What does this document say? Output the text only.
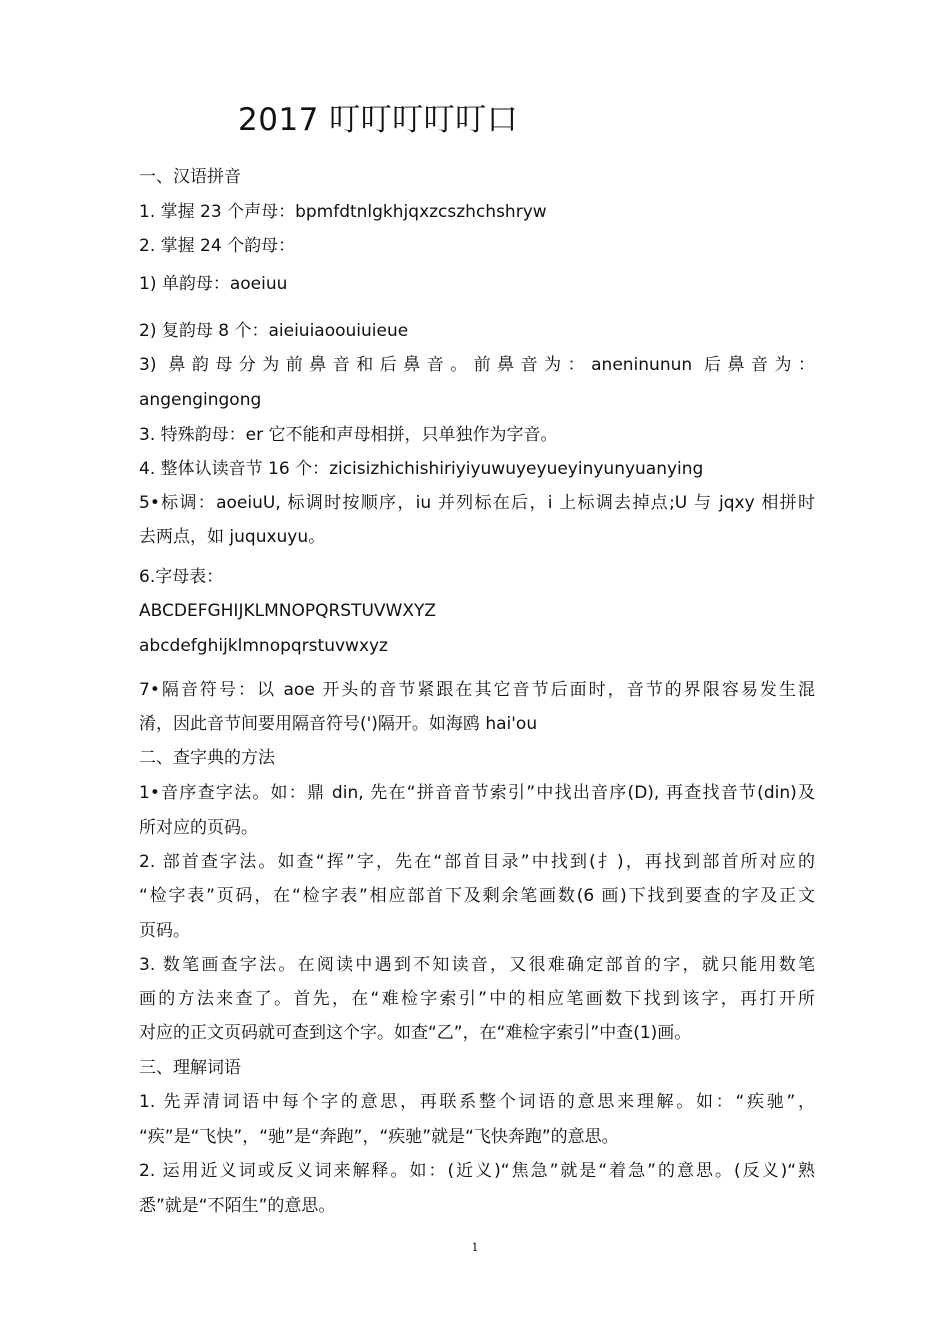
2017 叮叮叮叮叮口
一、汉语拼音
1. 掌握 23 个声母：bpmfdtnlgkhjqxzcszhchshryw
2. 掌握 24 个韵母：
1) 单韵母：aoeiuu
2) 复韵母 8 个：aieiuiaoouiuieue
3) 鼻韵母分为前鼻音和后鼻音。前鼻音为：aneninunun 后鼻音为：
angengingong
3. 特殊韵母：er 它不能和声母相拼，只单独作为字音。
4. 整体认读音节 16 个：zicisizhichishiriyiyuwuyeyueyinyunyuanying
5•标调：aoeiuU, 标调时按顺序，iu 并列标在后，i 上标调去掉点;U 与 jqxy 相拼时
去两点，如 juquxuyu。
6.字母表：
ABCDEFGHIJKLMNOPQRSTUVWXYZ
abcdefghijklmnopqrstuvwxyz
7•隔音符号：以 aoe 开头的音节紧跟在其它音节后面时，音节的界限容易发生混
淆，因此音节间要用隔音符号(')隔开。如海鸥 hai'ou
二、查字典的方法
1•音序查字法。如：鼎 din, 先在“拼音音节索引”中找出音序(D), 再查找音节(din)及
所对应的页码。
2. 部首查字法。如查“挥”字，先在“部首目录”中找到(扌)，再找到部首所对应的
“检字表”页码，在“检字表”相应部首下及剩余笔画数(6 画)下找到要查的字及正文
页码。
3. 数笔画查字法。在阅读中遇到不知读音，又很难确定部首的字，就只能用数笔
画的方法来查了。首先，在“难检字索引”中的相应笔画数下找到该字，再打开所
对应的正文页码就可查到这个字。如查“乙”，在“难检字索引”中查(1)画。
三、理解词语
1. 先弄清词语中每个字的意思，再联系整个词语的意思来理解。如：“疾驰”，
“疾”是“飞快”，“驰”是“奔跑”，“疾驰”就是“飞快奔跑”的意思。
2. 运用近义词或反义词来解释。如：(近义)“焦急”就是“着急”的意思。(反义)“熟
悉”就是“不陌生”的意思。
1
